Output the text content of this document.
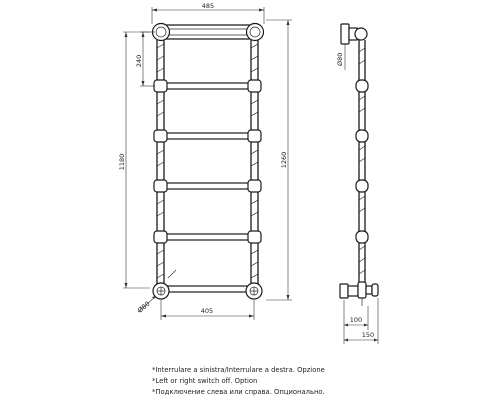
485
240
1180	1260
405
Ø80
Ø80
100
150
*Interrulare a sinistra/Interrulare a destra. Opzione
*Left or right switch off. Option
*Подключение слева или справа. Опционально.
